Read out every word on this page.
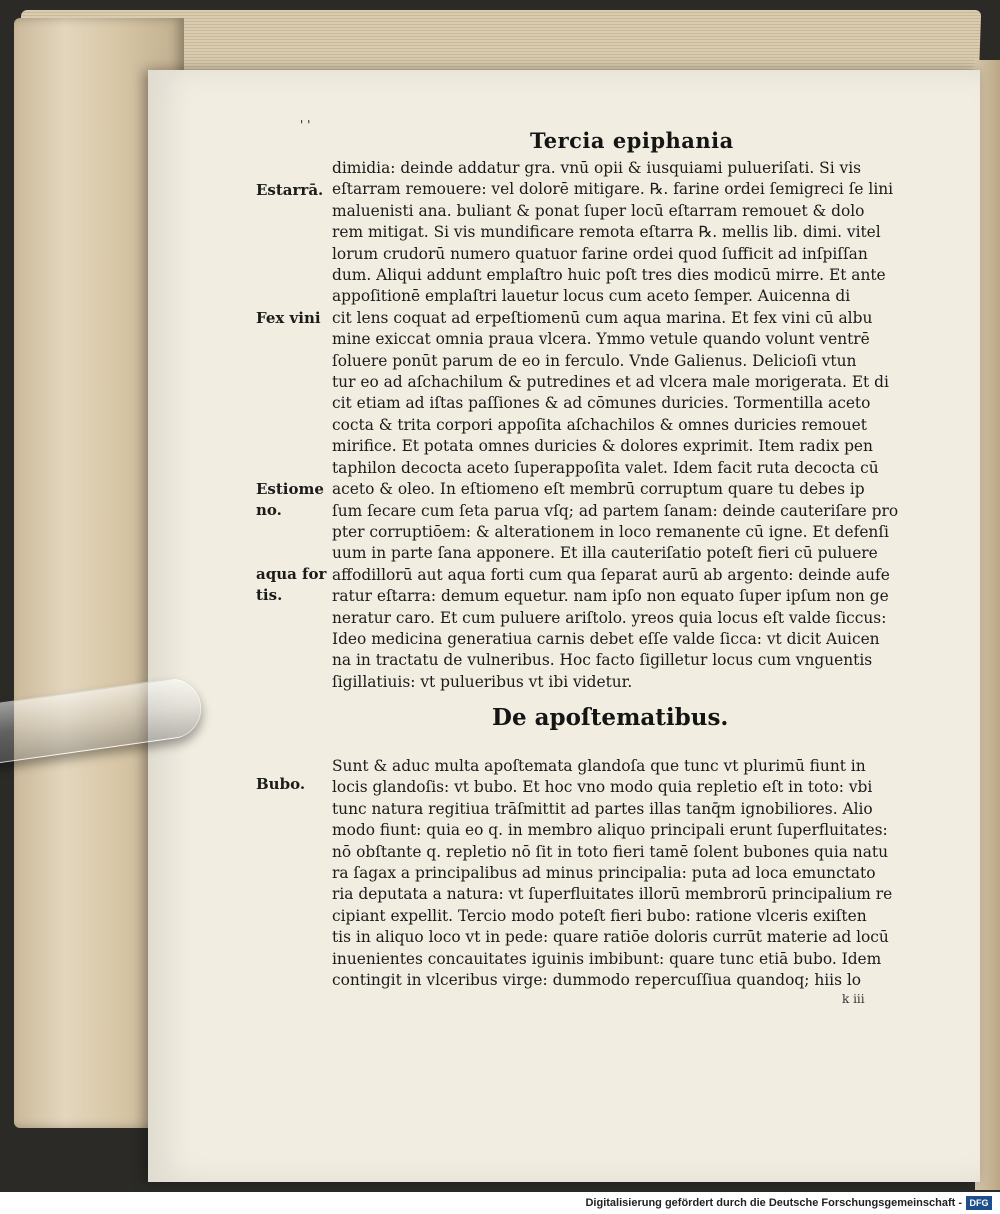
' '
Tercia epiphania
Estarrā.
Fex vini
Estiome no.
aqua for tis.
dimidia: deinde addatur gra. vnū opii & iusquiami pulueriſati. Si vis
eſtarram remouere: vel dolorē mitigare. ℞. farine ordei ſemigreci ſe lini
maluenisti ana. buliant & ponat ſuper locū eſtarram remouet & dolo
rem mitigat. Si vis mundificare remota eſtarra ℞. mellis lib. dimi. vitel
lorum crudorū numero quatuor farine ordei quod ſufficit ad inſpiſſan
dum. Aliqui addunt emplaſtro huic poſt tres dies modicū mirre. Et ante
appoſitionē emplaſtri lauetur locus cum aceto ſemper. Auicenna di
cit lens coquat ad erpeſtiomenū cum aqua marina. Et fex vini cū albu
mine exiccat omnia praua vlcera. Ymmo vetule quando volunt ventrē
ſoluere ponūt parum de eo in ferculo. Vnde Galienus. Delicioſi vtun
tur eo ad aſchachilum & putredines et ad vlcera male morigerata. Et di
cit etiam ad iſtas paſſiones & ad cōmunes duricies. Tormentilla aceto
cocta & trita corpori appoſita aſchachilos & omnes duricies remouet
mirifice. Et potata omnes duricies & dolores exprimit. Item radix pen
taphilon decocta aceto ſuperappoſita valet. Idem facit ruta decocta cū
aceto & oleo. In eſtiomeno eſt membrū corruptum quare tu debes ip
ſum ſecare cum ſeta parua vſq; ad partem ſanam: deinde cauteriſare pro
pter corruptiōem: & alterationem in loco remanente cū igne. Et defenſi
uum in parte ſana apponere. Et illa cauteriſatio poteſt fieri cū puluere
affodillorū aut aqua forti cum qua ſeparat aurū ab argento: deinde aufe
ratur eſtarra: demum equetur. nam ipſo non equato ſuper ipſum non ge
neratur caro. Et cum puluere ariſtolo. yreos quia locus eſt valde ſiccus:
Ideo medicina generatiua carnis debet eſſe valde ſicca: vt dicit Auicen
na in tractatu de vulneribus. Hoc facto ſigilletur locus cum vnguentis
ſigillatiuis: vt pulueribus vt ibi videtur.
De apoſtematibus.
Bubo.
Sunt & aduc multa apoſtemata glandoſa que tunc vt plurimū fiunt in
locis glandoſis: vt bubo. Et hoc vno modo quia repletio eſt in toto: vbi
tunc natura regitiua trāſmittit ad partes illas tanq̄m ignobiliores. Alio
modo fiunt: quia eo q. in membro aliquo principali erunt ſuperfluitates:
nō obſtante q. repletio nō ſit in toto fieri tamē ſolent bubones quia natu
ra ſagax a principalibus ad minus principalia: puta ad loca emunctato
ria deputata a natura: vt ſuperfluitates illorū membrorū principalium re
cipiant expellit. Tercio modo poteſt fieri bubo: ratione vlceris exiſten
tis in aliquo loco vt in pede: quare ratiōe doloris currūt materie ad locū
inuenientes concauitates iguinis imbibunt: quare tunc etiā bubo. Idem
contingit in vlceribus virge: dummodo repercuſſiua quandoq; hiis lo
k iii
Digitalisierung gefördert durch die Deutsche Forschungsgemeinschaft - DFG
